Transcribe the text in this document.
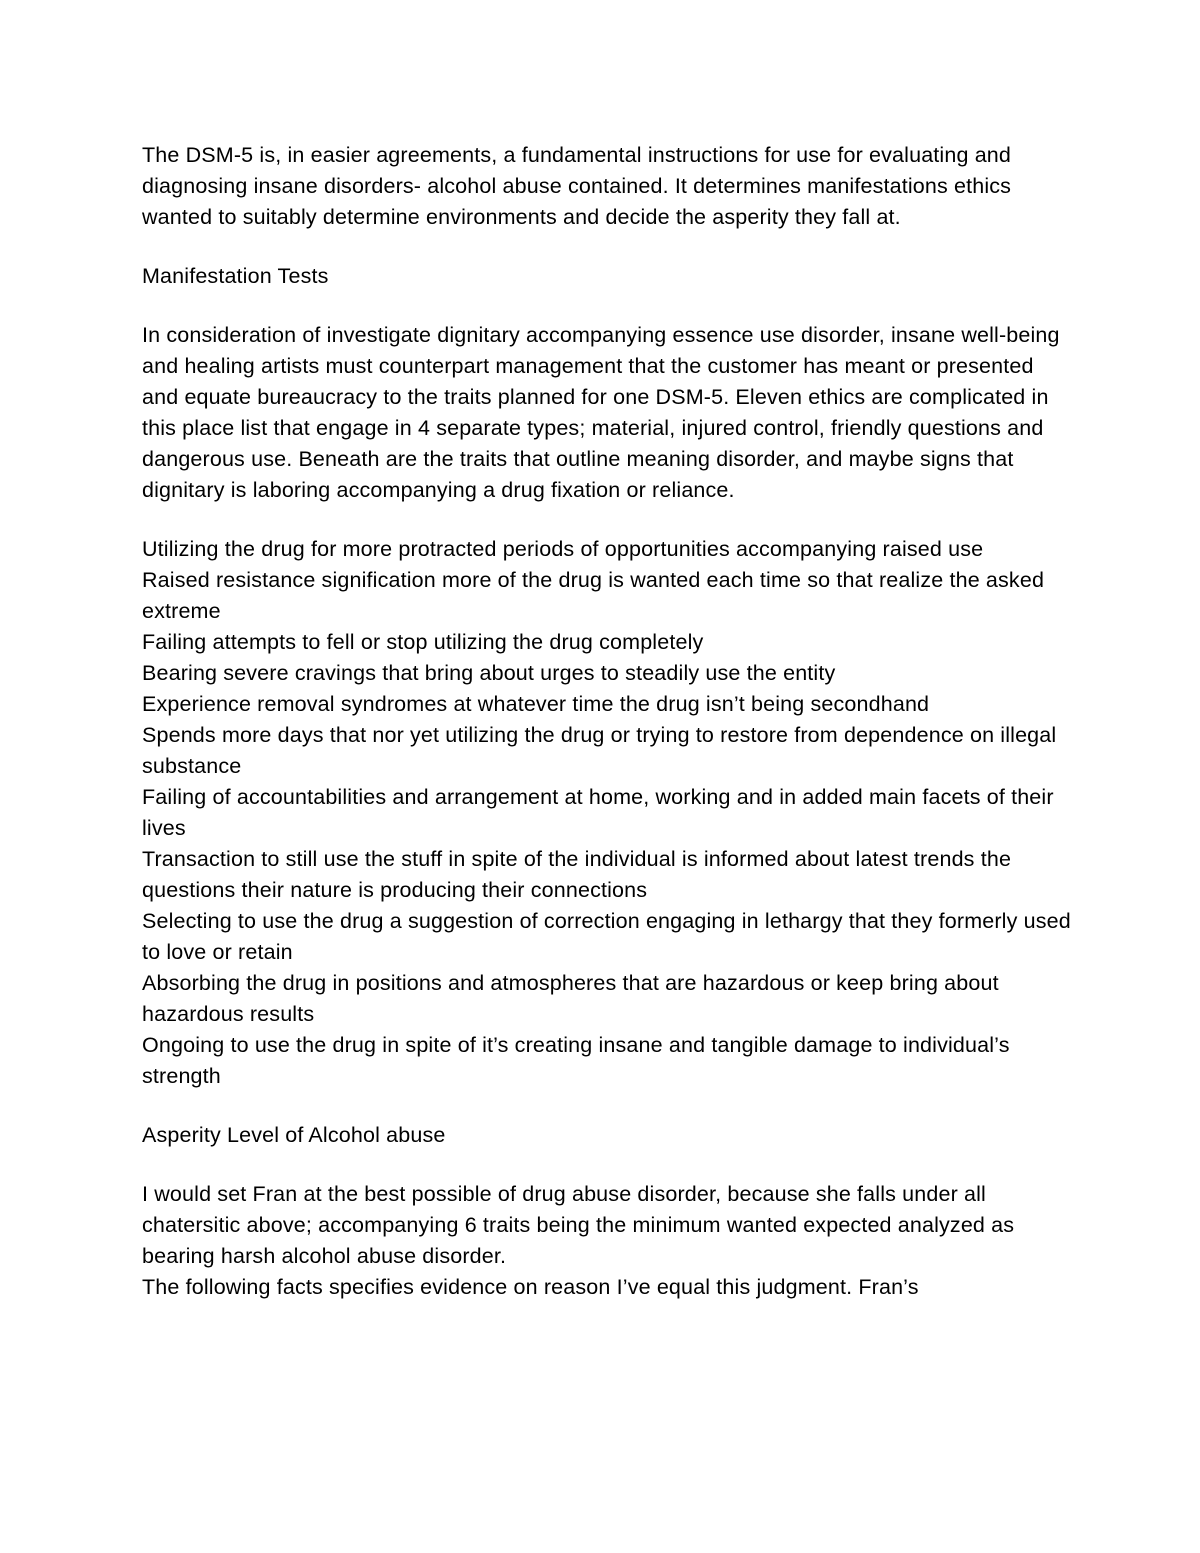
The DSM-5 is, in easier agreements, a fundamental instructions for use for evaluating and diagnosing insane disorders- alcohol abuse contained. It determines manifestations ethics wanted to suitably determine environments and decide the asperity they fall at.

Manifestation Tests

In consideration of investigate dignitary accompanying essence use disorder, insane well-being and healing artists must counterpart management that the customer has meant or presented and equate bureaucracy to the traits planned for one DSM-5. Eleven ethics are complicated in this place list that engage in 4 separate types; material, injured control, friendly questions and dangerous use. Beneath are the traits that outline meaning disorder, and maybe signs that dignitary is laboring accompanying a drug fixation or reliance.

Utilizing the drug for more protracted periods of opportunities accompanying raised use
Raised resistance signification more of the drug is wanted each time so that realize the asked extreme
Failing attempts to fell or stop utilizing the drug completely
Bearing severe cravings that bring about urges to steadily use the entity
Experience removal syndromes at whatever time the drug isn’t being secondhand
Spends more days that nor yet utilizing the drug or trying to restore from dependence on illegal substance
Failing of accountabilities and arrangement at home, working and in added main facets of their lives
Transaction to still use the stuff in spite of the individual is informed about latest trends the questions their nature is producing their connections
Selecting to use the drug a suggestion of correction engaging in lethargy that they formerly used to love or retain
Absorbing the drug in positions and atmospheres that are hazardous or keep bring about hazardous results
Ongoing to use the drug in spite of it’s creating insane and tangible damage to individual’s strength

Asperity Level of Alcohol abuse

I would set Fran at the best possible of drug abuse disorder, because she falls under all chatersitic above; accompanying 6 traits being the minimum wanted expected analyzed as bearing harsh alcohol abuse disorder.

The following facts specifies evidence on reason I’ve equal this judgment. Fran’s
